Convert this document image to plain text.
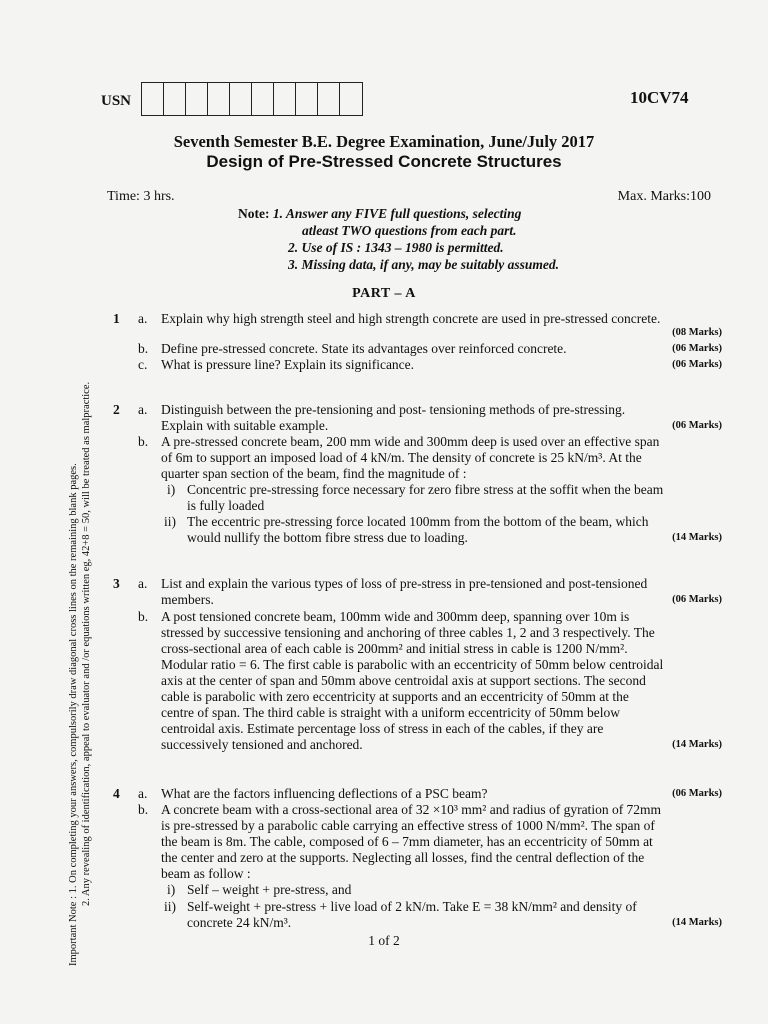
USN	10CV74
Seventh Semester B.E. Degree Examination, June/July 2017
Design of Pre-Stressed Concrete Structures
Time: 3 hrs.	Max. Marks:100
Note: 1. Answer any FIVE full questions, selecting
atleast TWO questions from each part.
2. Use of IS : 1343 – 1980 is permitted.
3. Missing data, if any, may be suitably assumed.
PART – A
Important Note : 1. On completing your answers, compulsorily draw diagonal cross lines on the remaining blank pages. 2. Any revealing of identification, appeal to evaluator and /or equations written eg, 42+8 = 50, will be treated as malpractice.
1 a. Explain why high strength steel and high strength concrete are used in pre-stressed concrete.
(08 Marks)
b. Define pre-stressed concrete. State its advantages over reinforced concrete.	(06 Marks)
c. What is pressure line? Explain its significance.	(06 Marks)
2 a. Distinguish between the pre-tensioning and post- tensioning methods of pre-stressing.
Explain with suitable example.	(06 Marks)
b. A pre-stressed concrete beam, 200 mm wide and 300mm deep is used over an effective span
of 6m to support an imposed load of 4 kN/m. The density of concrete is 25 kN/m³. At the
quarter span section of the beam, find the magnitude of :
i) Concentric pre-stressing force necessary for zero fibre stress at the soffit when the beam
is fully loaded
ii) The eccentric pre-stressing force located 100mm from the bottom of the beam, which
would nullify the bottom fibre stress due to loading.	(14 Marks)
3 a. List and explain the various types of loss of pre-stress in pre-tensioned and post-tensioned
members.	(06 Marks)
b. A post tensioned concrete beam, 100mm wide and 300mm deep, spanning over 10m is
stressed by successive tensioning and anchoring of three cables 1, 2 and 3 respectively. The
cross-sectional area of each cable is 200mm² and initial stress in cable is 1200 N/mm².
Modular ratio = 6. The first cable is parabolic with an eccentricity of 50mm below centroidal
axis at the center of span and 50mm above centroidal axis at support sections. The second
cable is parabolic with zero eccentricity at supports and an eccentricity of 50mm at the
centre of span. The third cable is straight with a uniform eccentricity of 50mm below
centroidal axis. Estimate percentage loss of stress in each of the cables, if they are
successively tensioned and anchored.	(14 Marks)
4 a. What are the factors influencing deflections of a PSC beam?	(06 Marks)
b. A concrete beam with a cross-sectional area of 32 ×10³ mm² and radius of gyration of 72mm
is pre-stressed by a parabolic cable carrying an effective stress of 1000 N/mm². The span of
the beam is 8m. The cable, composed of 6 – 7mm diameter, has an eccentricity of 50mm at
the center and zero at the supports. Neglecting all losses, find the central deflection of the
beam as follow :
i) Self – weight + pre-stress, and
ii) Self-weight + pre-stress + live load of 2 kN/m. Take E = 38 kN/mm² and density of
concrete 24 kN/m³.	(14 Marks)
1 of 2
